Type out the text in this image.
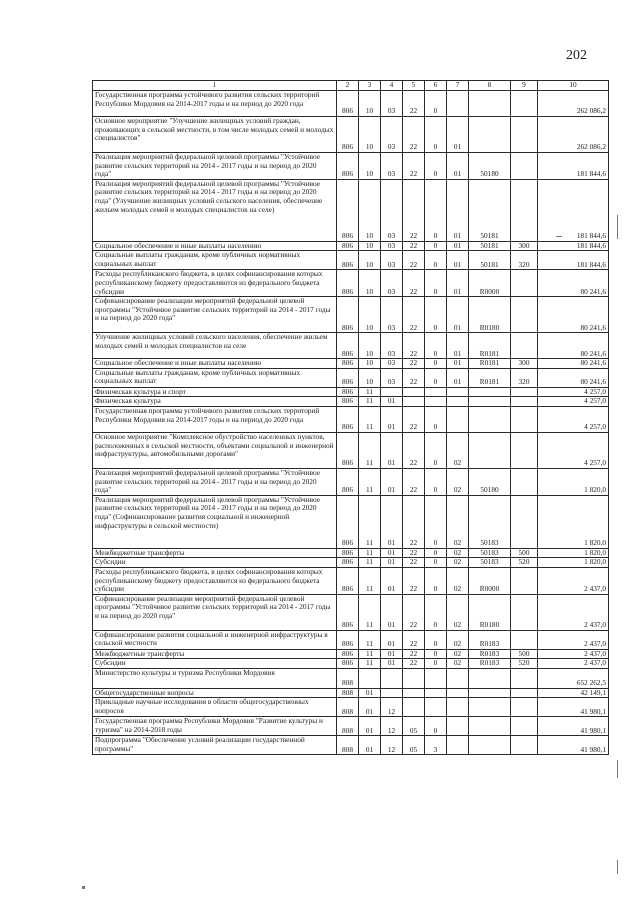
202
1	2	3	4	5	6	7	8	9	10
Государственная программа устойчивого развития сельских территорий Республики Мордовия на 2014-2017 годы и на период до 2020 года	806	10	03	22	0				262 086,2
Основное мероприятие "Улучшение жилищных условий граждан, проживающих в сельской местности, в том числе молодых семей и молодых специалистов"	806	10	03	22	0	01			262 086,2
Реализация мероприятий федеральной целевой программы "Устойчивое развитие сельских территорий на 2014 - 2017 годы и на период до 2020 года"	806	10	03	22	0	01	50180		181 844,6
Реализация мероприятий федеральной целевой программы "Устойчивое развитие сельских территорий на 2014 - 2017 годы и на период до 2020 года" (Улучшение жилищных условий сельского населения, обеспечение жильем молодых семей и молодых специалистов на селе)	806	10	03	22	0	01	50181		181 844,6
Социальное обеспечение и иные выплаты населению	806	10	03	22	0	01	50181	300	181 844,6
Социальные выплаты гражданам, кроме публичных нормативных социальных выплат	806	10	03	22	0	01	50181	320	181 844,6
Расходы республиканского бюджета, в целях софинансирования которых республиканскому бюджету предоставляются из федерального бюджета субсидии	806	10	03	22	0	01	R0000		80 241,6
Софинансирование реализации мероприятий федеральной целевой программы "Устойчивое развитие сельских территорий на 2014 - 2017 годы и на период до 2020 года"	806	10	03	22	0	01	R0180		80 241,6
Улучшение жилищных условий сельского населения, обеспечение жильем молодых семей и молодых специалистов на селе	806	10	03	22	0	01	R0181		80 241,6
Социальное обеспечение и иные выплаты населению	806	10	03	22	0	01	R0181	300	80 241,6
Социальные выплаты гражданам, кроме публичных нормативных социальных выплат	806	10	03	22	0	01	R0181	320	80 241,6
Физическая культура и спорт	806	11							4 257,0
Физическая культура	806	11	01						4 257,0
Государственная программа устойчивого развития сельских территорий Республики Мордовия на 2014-2017 годы и на период до 2020 года	806	11	01	22	0				4 257,0
Основное мероприятие "Комплексное обустройство населенных пунктов, расположенных в сельской местности, объектами социальной и инженерной инфраструктуры, автомобильными дорогами"	806	11	01	22	0	02			4 257,0
Реализация мероприятий федеральной целевой программы "Устойчивое развитие сельских территорий на 2014 - 2017 годы и на период до 2020 года"	806	11	01	22	0	02	50180		1 820,0
Реализация мероприятий федеральной целевой программы "Устойчивое развитие сельских территорий на 2014 - 2017 годы и на период до 2020 года" (Софинансирование развития социальной и инженерной инфраструктуры в сельской местности)	806	11	01	22	0	02	50183		1 820,0
Межбюджетные трансферты	806	11	01	22	0	02	50183	500	1 820,0
Субсидии	806	11	01	22	0	02	50183	520	1 820,0
Расходы республиканского бюджета, в целях софинансирования которых республиканскому бюджету предоставляются из федерального бюджета субсидии	806	11	01	22	0	02	R0000		2 437,0
Софинансирование реализации мероприятий федеральной целевой программы "Устойчивое развитие сельских территорий на 2014 - 2017 годы и на период до 2020 года"	806	11	01	22	0	02	R0180		2 437,0
Софинансирование развития социальной и инженерной инфраструктуры в сельской местности	806	11	01	22	0	02	R0183		2 437,0
Межбюджетные трансферты	806	11	01	22	0	02	R0183	500	2 437,0
Субсидии	806	11	01	22	0	02	R0183	520	2 437,0
Министерство культуры и туризма Республики Мордовия	808								652 262,5
Общегосударственные вопросы	808	01							42 149,1
Прикладные научные исследования в области общегосударственных вопросов	808	01	12						41 980,1
Государственная программа Республики Мордовия "Развитие культуры и туризма" на 2014-2018 годы	808	01	12	05	0				41 980,1
Подпрограмма "Обеспечение условий реализации государственной программы"	808	01	12	05	3				41 980,1
